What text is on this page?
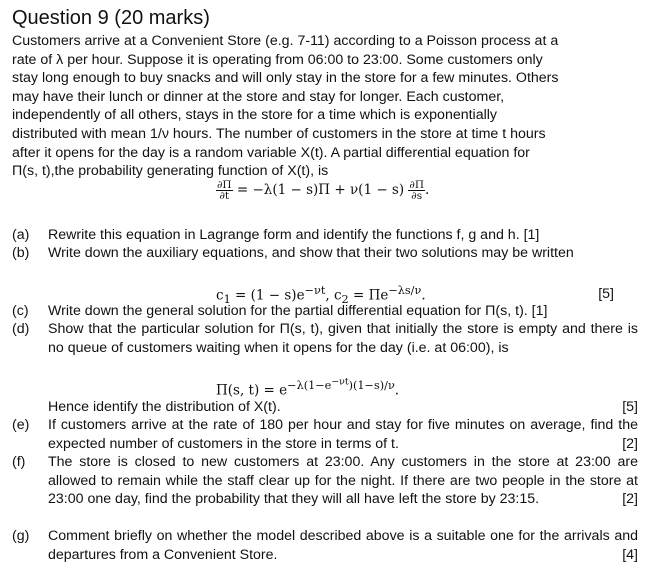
Question 9 (20 marks)
Customers arrive at a Convenient Store (e.g. 7-11) according to a Poisson process at a
rate of λ per hour. Suppose it is operating from 06:00 to 23:00. Some customers only
stay long enough to buy snacks and will only stay in the store for a few minutes. Others
may have their lunch or dinner at the store and stay for longer. Each customer,
independently of all others, stays in the store for a time which is exponentially
distributed with mean 1/ν hours. The number of customers in the store at time t hours
after it opens for the day is a random variable X(t). A partial differential equation for
Π(s, t),the probability generating function of X(t), is
$\frac{\partial\Pi}{\partial t} = -\lambda(1 - s)\Pi + \nu(1 - s) \frac{\partial\Pi}{\partial s}$ .
(a) Rewrite this equation in Lagrange form and identify the functions f, g and h. [1]
(b) Write down the auxiliary equations, and show that their two solutions may be written
$c_1 = (1 - s)e^{-\nu t}$, $c_2 = \Pi e^{-\lambda s/\nu}$.	[5]
(c) Write down the general solution for the partial differential equation for Π(s, t). [1]
(d) Show that the particular solution for Π(s, t), given that initially the store is empty and there is no queue of customers waiting when it opens for the day (i.e. at 06:00), is
Π(s, $t) = e^{-\lambda(1-e^{-\nu t})(1-s)/\nu}$.
Hence identify the distribution of X(t).	[5]
(e) If customers arrive at the rate of 180 per hour and stay for five minutes on average, find the expected number of customers in the store in terms of t.	[2]
(f) The store is closed to new customers at 23:00. Any customers in the store at 23:00 are allowed to remain while the staff clear up for the night. If there are two people in the store at 23:00 one day, find the probability that they will all have left the store by 23:15.	[2]
(g) Comment briefly on whether the model described above is a suitable one for the arrivals and departures from a Convenient Store.	[4]
